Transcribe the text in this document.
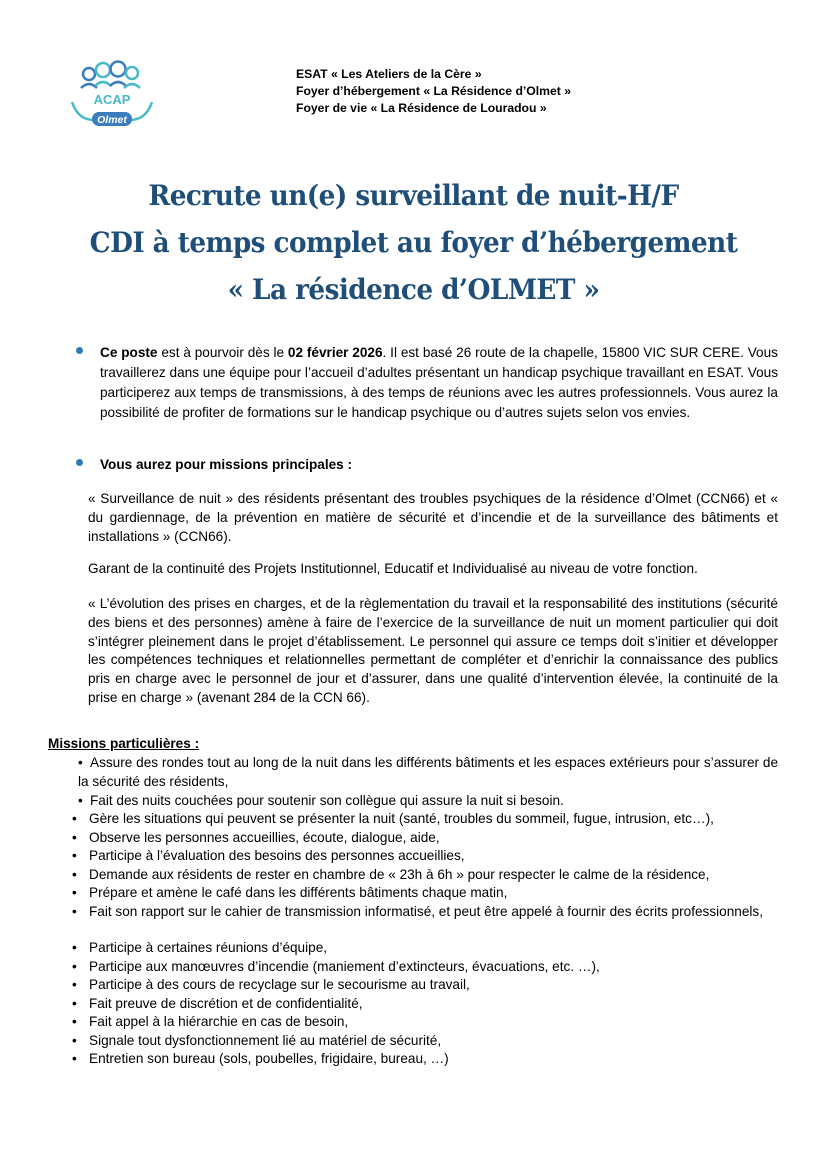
ACAP
Olmet
ESAT « Les Ateliers de la Cère »
Foyer d’hébergement « La Résidence d’Olmet »
Foyer de vie « La Résidence de Louradou »
Recrute un(e) surveillant de nuit-H/F
CDI à temps complet au foyer d’hébergement
« La résidence d’OLMET »
Ce poste est à pourvoir dès le 02 février 2026. Il est basé 26 route de la chapelle, 15800 VIC SUR CERE. Vous travaillerez dans une équipe pour l’accueil d’adultes présentant un handicap psychique travaillant en ESAT. Vous participerez aux temps de transmissions, à des temps de réunions avec les autres professionnels. Vous aurez la possibilité de profiter de formations sur le handicap psychique ou d’autres sujets selon vos envies.
Vous aurez pour missions principales :
« Surveillance de nuit » des résidents présentant des troubles psychiques de la résidence d’Olmet (CCN66) et « du gardiennage, de la prévention en matière de sécurité et d’incendie et de la surveillance des bâtiments et installations » (CCN66).
Garant de la continuité des Projets Institutionnel, Educatif et Individualisé au niveau de votre fonction.
« L’évolution des prises en charges, et de la règlementation du travail et la responsabilité des institutions (sécurité des biens et des personnes) amène à faire de l’exercice de la surveillance de nuit un moment particulier qui doit s’intégrer pleinement dans le projet d’établissement. Le personnel qui assure ce temps doit s’initier et développer les compétences techniques et relationnelles permettant de compléter et d’enrichir la connaissance des publics pris en charge avec le personnel de jour et d’assurer, dans une qualité d’intervention élevée, la continuité de la prise en charge » (avenant 284 de la CCN 66).
Missions particulières :
• Assure des rondes tout au long de la nuit dans les différents bâtiments et les espaces extérieurs pour s’assurer de la sécurité des résidents,
• Fait des nuits couchées pour soutenir son collègue qui assure la nuit si besoin.
• Gère les situations qui peuvent se présenter la nuit (santé, troubles du sommeil, fugue, intrusion, etc…),
• Observe les personnes accueillies, écoute, dialogue, aide,
• Participe à l’évaluation des besoins des personnes accueillies,
• Demande aux résidents de rester en chambre de « 23h à 6h » pour respecter le calme de la résidence,
• Prépare et amène le café dans les différents bâtiments chaque matin,
• Fait son rapport sur le cahier de transmission informatisé, et peut être appelé à fournir des écrits professionnels,
• Participe à certaines réunions d’équipe,
• Participe aux manœuvres d’incendie (maniement d’extincteurs, évacuations, etc. …),
• Participe à des cours de recyclage sur le secourisme au travail,
• Fait preuve de discrétion et de confidentialité,
• Fait appel à la hiérarchie en cas de besoin,
• Signale tout dysfonctionnement lié au matériel de sécurité,
• Entretien son bureau (sols, poubelles, frigidaire, bureau, …)
